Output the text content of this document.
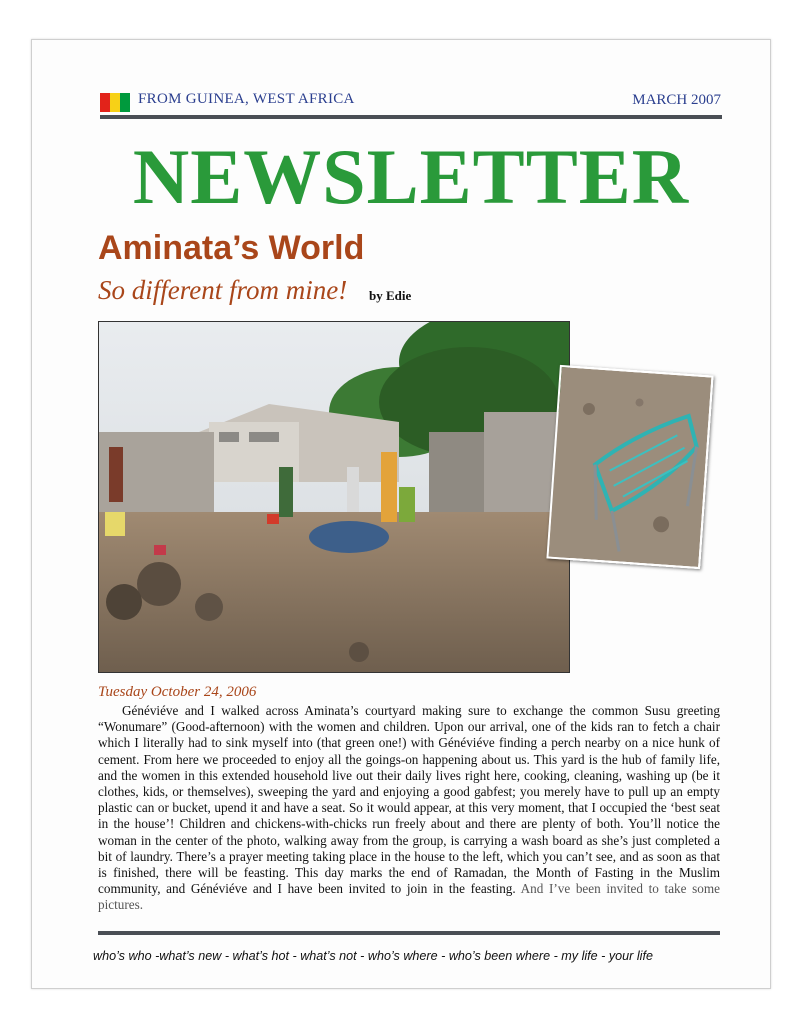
FROM GUINEA, WEST AFRICA	MARCH 2007
NEWSLETTER
Aminata’s World
So different from mine! by Edie
Tuesday October 24, 2006

Généviéve and I walked across Aminata’s courtyard making sure to exchange the common Susu greeting “Wonumare” (Good-afternoon) with the women and children. Upon our arrival, one of the kids ran to fetch a chair which I literally had to sink myself into (that green one!) with Généviéve finding a perch nearby on a nice hunk of cement. From here we proceeded to enjoy all the goings-on happening about us. This yard is the hub of family life, and the women in this extended household live out their daily lives right here, cooking, cleaning, washing up (be it clothes, kids, or themselves), sweeping the yard and enjoying a good gabfest; you merely have to pull up an empty plastic can or bucket, upend it and have a seat. So it would appear, at this very moment, that I occupied the ‘best seat in the house’! Children and chickens-with-chicks run freely about and there are plenty of both. You’ll notice the woman in the center of the photo, walking away from the group, is carrying a wash board as she’s just completed a bit of laundry. There’s a prayer meeting taking place in the house to the left, which you can’t see, and as soon as that is finished, there will be feasting. This day marks the end of Ramadan, the Month of Fasting in the Muslim community, and Généviéve and I have been invited to join in the feasting. And I’ve been invited to take some pictures.

who’s who -what’s new - what’s hot - what’s not - who’s where - who’s been where - my life - your life
